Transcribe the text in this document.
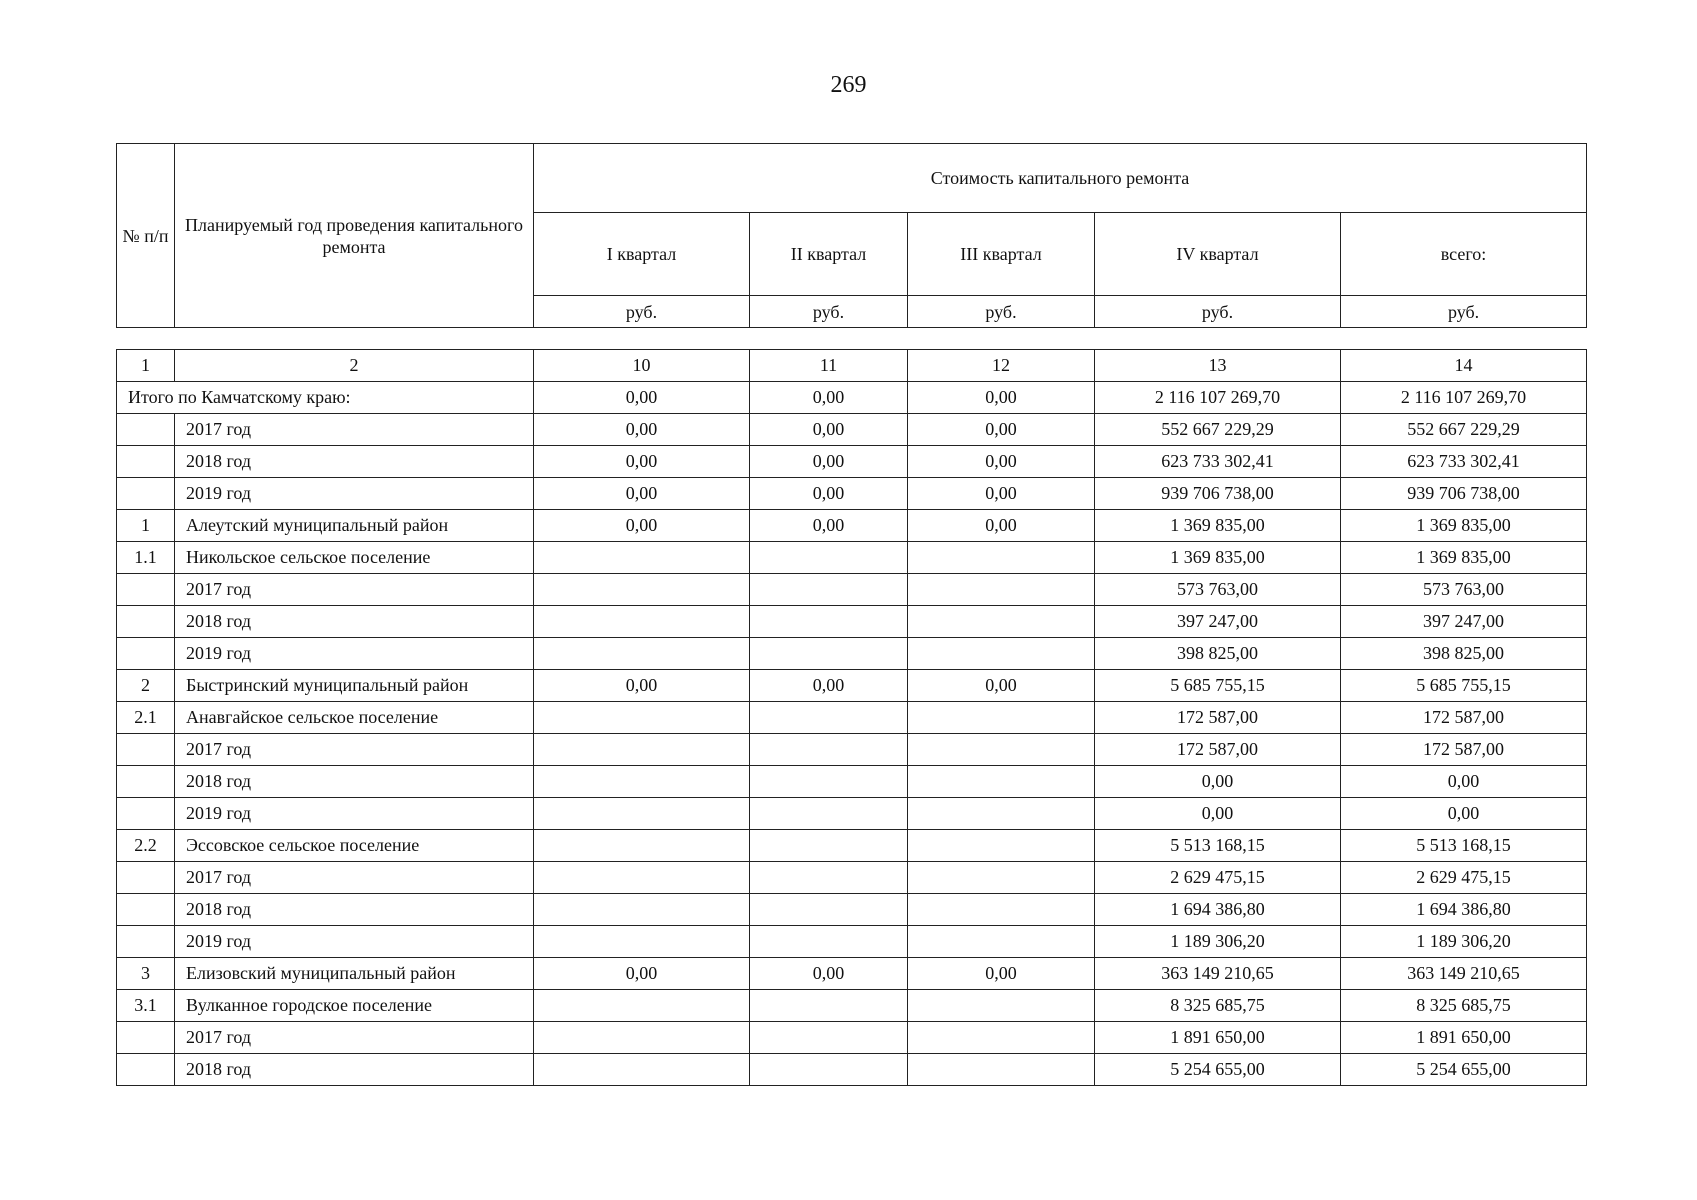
269
№ п/п	Планируемый год проведения капитального ремонта	Стоимость капитального ремонта				
		I квартал	II квартал	III квартал	IV квартал	всего:
		руб.	руб.	руб.	руб.	руб.
1	2	10	11	12	13	14
Итого по Камчатскому краю:		0,00	0,00	0,00	2 116 107 269,70	2 116 107 269,70
	2017 год	0,00	0,00	0,00	552 667 229,29	552 667 229,29
	2018 год	0,00	0,00	0,00	623 733 302,41	623 733 302,41
	2019 год	0,00	0,00	0,00	939 706 738,00	939 706 738,00
1	Алеутский муниципальный район	0,00	0,00	0,00	1 369 835,00	1 369 835,00
1.1	Никольское сельское поселение				1 369 835,00	1 369 835,00
	2017 год				573 763,00	573 763,00
	2018 год				397 247,00	397 247,00
	2019 год				398 825,00	398 825,00
2	Быстринский муниципальный район	0,00	0,00	0,00	5 685 755,15	5 685 755,15
2.1	Анавгайское сельское поселение				172 587,00	172 587,00
	2017 год				172 587,00	172 587,00
	2018 год				0,00	0,00
	2019 год				0,00	0,00
2.2	Эссовское сельское поселение				5 513 168,15	5 513 168,15
	2017 год				2 629 475,15	2 629 475,15
	2018 год				1 694 386,80	1 694 386,80
	2019 год				1 189 306,20	1 189 306,20
3	Елизовский муниципальный район	0,00	0,00	0,00	363 149 210,65	363 149 210,65
3.1	Вулканное городское поселение				8 325 685,75	8 325 685,75
	2017 год				1 891 650,00	1 891 650,00
	2018 год				5 254 655,00	5 254 655,00
